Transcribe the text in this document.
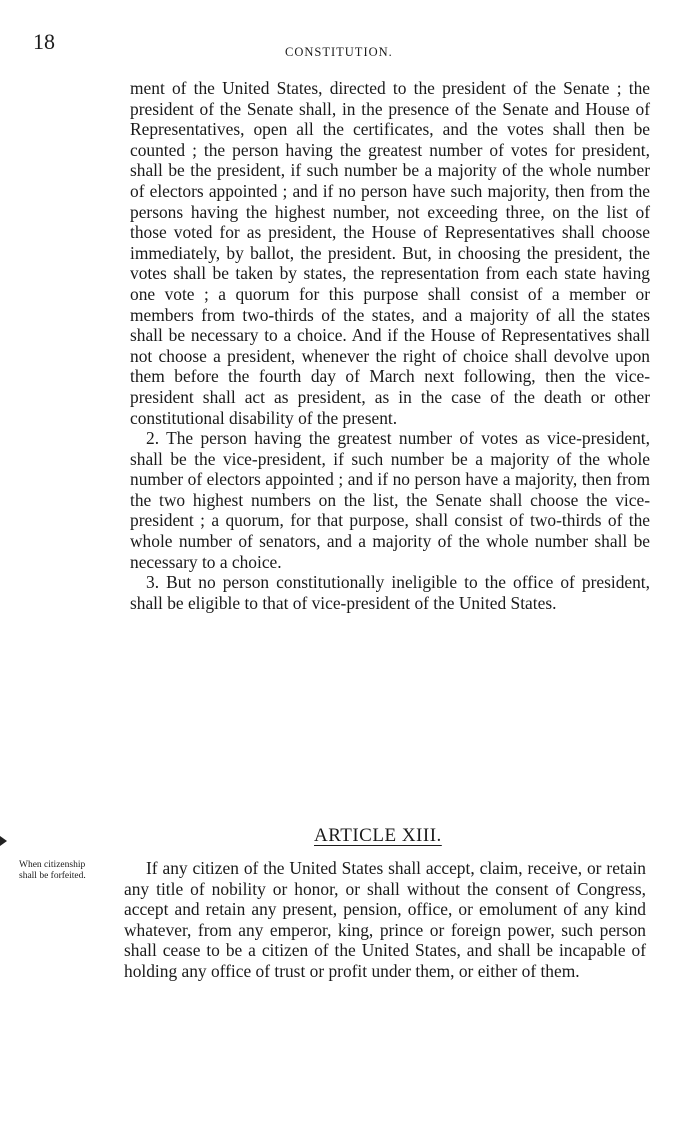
18	CONSTITUTION.

ment of the United States, directed to the president of the Senate ; the president of the Senate shall, in the presence of the Senate and House of Representatives, open all the certificates, and the votes shall then be counted ; the person having the greatest number of votes for president, shall be the president, if such number be a majority of the whole number of electors appointed ; and if no person have such majority, then from the persons having the highest number, not exceeding three, on the list of those voted for as president, the House of Representatives shall choose immediately, by ballot, the president. But, in choosing the president, the votes shall be taken by states, the representation from each state having one vote ; a quorum for this purpose shall consist of a member or members from two-thirds of the states, and a majority of all the states shall be necessary to a choice. And if the House of Representatives shall not choose a president, whenever the right of choice shall devolve upon them before the fourth day of March next following, then the vice-president shall act as president, as in the case of the death or other constitutional disability of the present.

2. The person having the greatest number of votes as vice-president, shall be the vice-president, if such number be a majority of the whole number of electors appointed ; and if no person have a majority, then from the two highest numbers on the list, the Senate shall choose the vice-president ; a quorum, for that purpose, shall consist of two-thirds of the whole number of senators, and a majority of the whole number shall be necessary to a choice.

3. But no person constitutionally ineligible to the office of president, shall be eligible to that of vice-president of the United States.

ARTICLE XIII.

When citizenship shall be forfeited.	If any citizen of the United States shall accept, claim, receive, or retain any title of nobility or honor, or shall without the consent of Congress, accept and retain any present, pension, office, or emolument of any kind whatever, from any emperor, king, prince or foreign power, such person shall cease to be a citizen of the United States, and shall be incapable of holding any office of trust or profit under them, or either of them.
